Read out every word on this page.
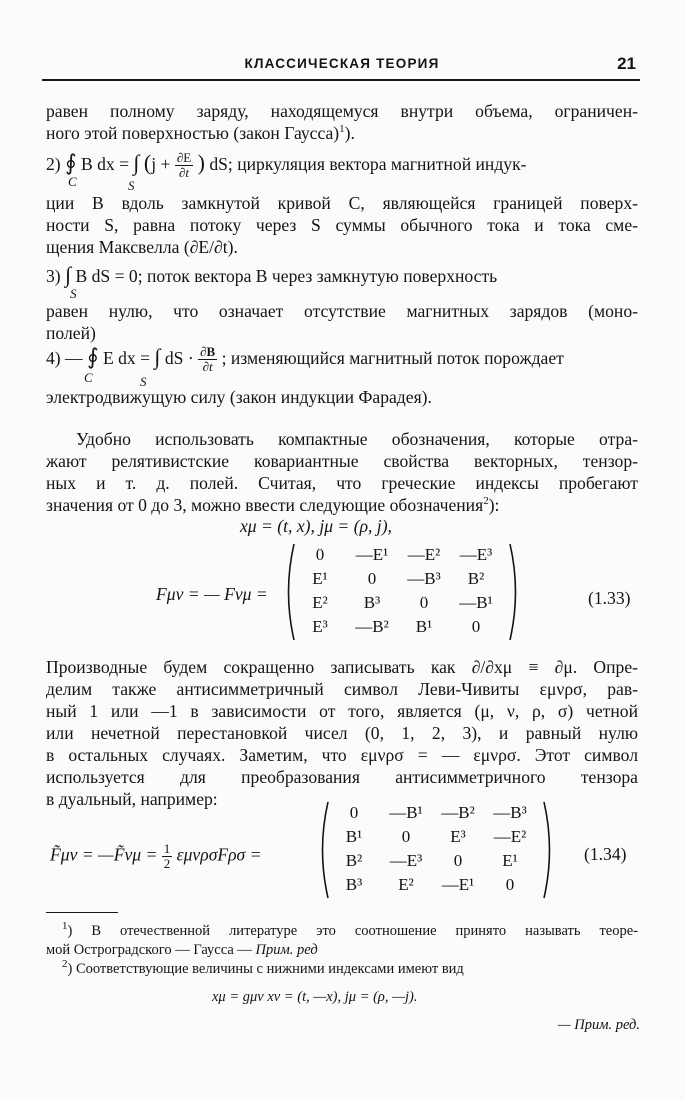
КЛАССИЧЕСКАЯ ТЕОРИЯ	21
равен полному заряду, находящемуся внутри объема, ограничен-
ного этой поверхностью (закон Гаусса)$^1$).
2) ∮ B dx = ∫ ($j + \frac{\partial E}{\partial t}$ ) dS; циркуляция вектора магнитной индук-
C	S
ции B вдоль замкнутой кривой C, являющейся границей поверх-
ности S, равна потоку через S суммы обычного тока и тока сме-
щения Максвелла (∂E/∂t).
3) ∫ B dS = 0; поток вектора B через замкнутую поверхность
S
равен нулю, что означает отсутствие магнитных зарядов (моно-
полей)
4) — ∮ E dx = ∫ dS · $\frac{\partial B}{\partial t}$ ; изменяющийся магнитный поток порождает
C	S
электродвижущую силу (закон индукции Фарадея).
Удобно использовать компактные обозначения, которые отра-
жают релятивистские ковариантные свойства векторных, тензор-
ных и т. д. полей. Считая, что греческие индексы пробегают
значения от 0 до 3, можно ввести следующие обозначения$^2$):
xμ = (t, x), jμ = (ρ, j),
Fμν = — Fνμ =
0	—E¹	—E²	—E³
E¹	0	—B³	B²
E²	B³	0	—B¹
E³	—B²	B¹	0
(1.33)
Производные будем сокращенно записывать как ∂/∂xμ ≡ ∂μ. Опре-
делим также антисимметричный символ Леви-Чивиты εμνρσ, рав-
ный 1 или —1 в зависимости от того, является (μ, ν, ρ, σ) четной
или нечетной перестановкой чисел (0, 1, 2, 3), и равный нулю
в остальных случаях. Заметим, что εμνρσ = — εμνρσ. Этот символ
используется для преобразования антисимметричного тензора
в дуальный, например:
F̃μν = —F̃νμ = $\frac{1}{2}$ εμνρσFρσ =
0	—B¹	—B²	—B³
B¹	0	E³	—E²
B²	—E³	0	E¹
B³	E²	—E¹	0
(1.34)
$^1$) В отечественной литературе это соотношение принято называть теоре-
мой Остроградского — Гаусса — Прим. ред
$^2$) Соответствующие величины с нижними индексами имеют вид
xμ = gμν xν = (t, —x), jμ = (ρ, —j).
— Прим. ред.
